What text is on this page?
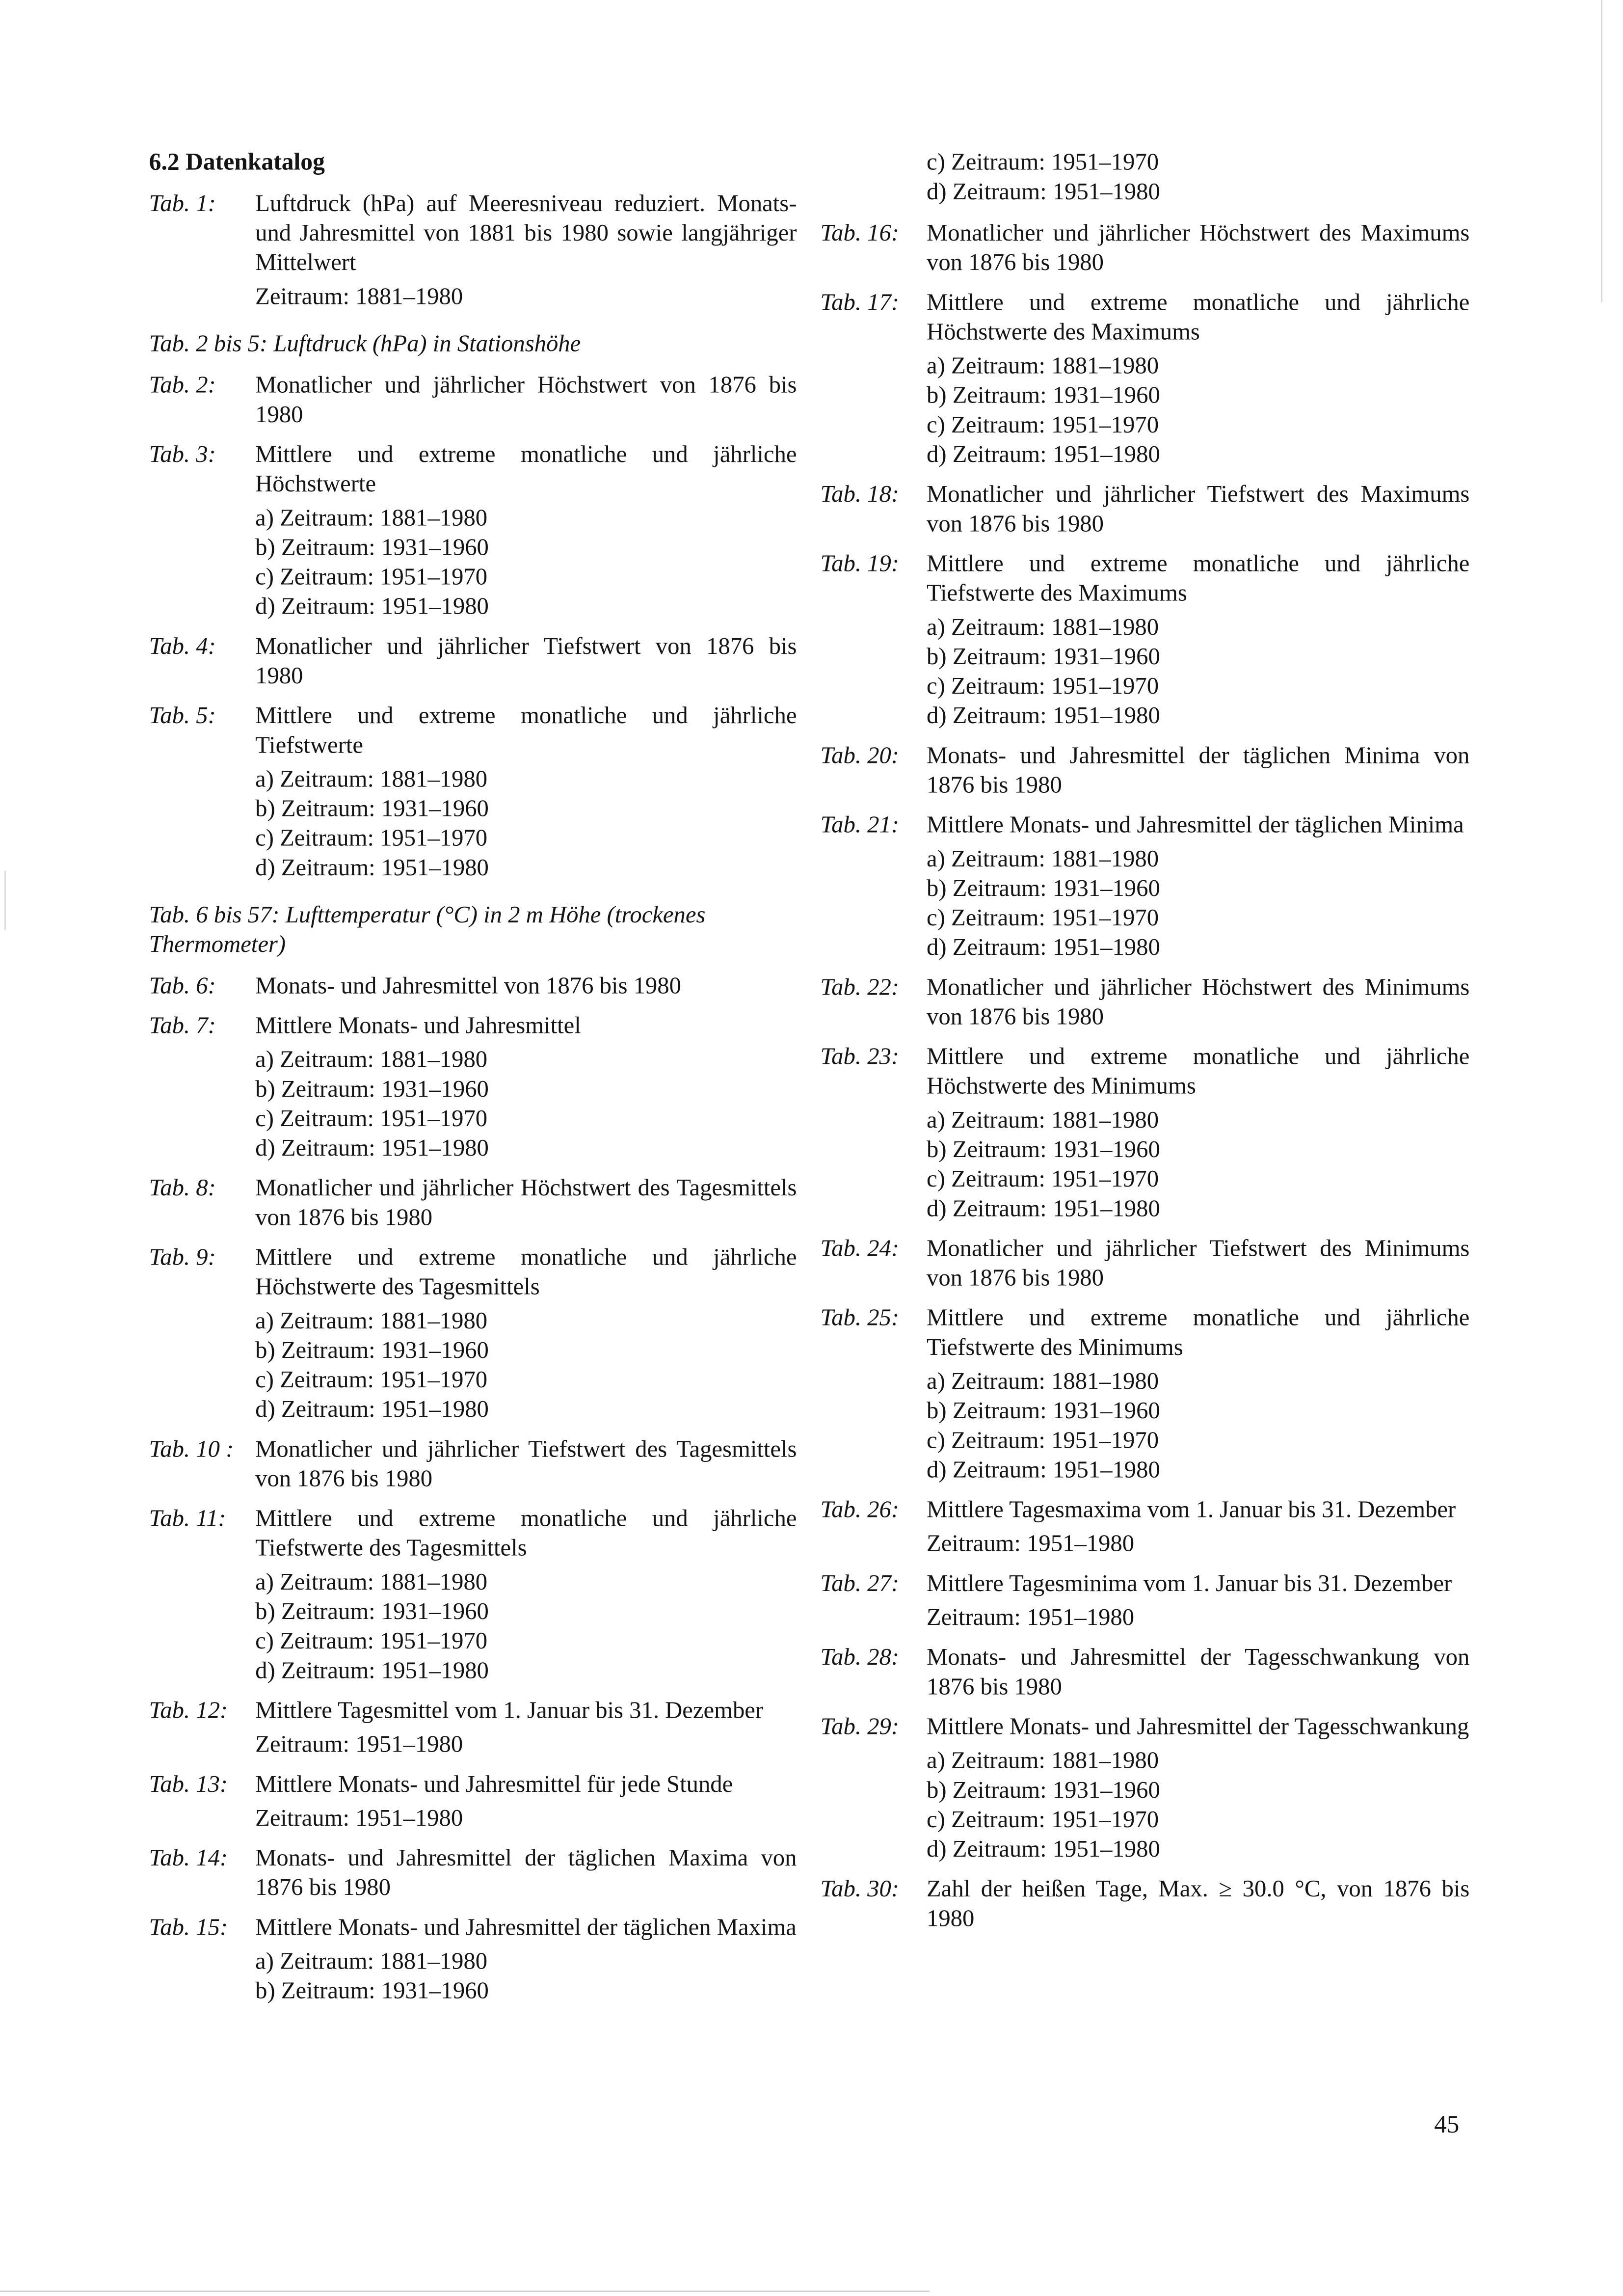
6.2 Datenkatalog
Tab. 1:	Luftdruck (hPa) auf Meeresniveau reduziert. Monats- und Jahresmittel von 1881 bis 1980 sowie langjähriger Mittelwert
Zeitraum: 1881–1980
Tab. 2 bis 5: Luftdruck (hPa) in Stationshöhe
Tab. 2:	Monatlicher und jährlicher Höchstwert von 1876 bis 1980
Tab. 3:	Mittlere und extreme monatliche und jährliche Höchstwerte
a) Zeitraum: 1881–1980
b) Zeitraum: 1931–1960
c) Zeitraum: 1951–1970
d) Zeitraum: 1951–1980
Tab. 4:	Monatlicher und jährlicher Tiefstwert von 1876 bis 1980
Tab. 5:	Mittlere und extreme monatliche und jährliche Tiefstwerte
a) Zeitraum: 1881–1980
b) Zeitraum: 1931–1960
c) Zeitraum: 1951–1970
d) Zeitraum: 1951–1980
Tab. 6 bis 57: Lufttemperatur (°C) in 2 m Höhe (trockenes Thermometer)
Tab. 6:	Monats- und Jahresmittel von 1876 bis 1980
Tab. 7:	Mittlere Monats- und Jahresmittel
a) Zeitraum: 1881–1980
b) Zeitraum: 1931–1960
c) Zeitraum: 1951–1970
d) Zeitraum: 1951–1980
Tab. 8:	Monatlicher und jährlicher Höchstwert des Tagesmittels von 1876 bis 1980
Tab. 9:	Mittlere und extreme monatliche und jährliche Höchstwerte des Tagesmittels
a) Zeitraum: 1881–1980
b) Zeitraum: 1931–1960
c) Zeitraum: 1951–1970
d) Zeitraum: 1951–1980
Tab. 10 :	Monatlicher und jährlicher Tiefstwert des Tagesmittels von 1876 bis 1980
Tab. 11:	Mittlere und extreme monatliche und jährliche Tiefstwerte des Tagesmittels
a) Zeitraum: 1881–1980
b) Zeitraum: 1931–1960
c) Zeitraum: 1951–1970
d) Zeitraum: 1951–1980
Tab. 12:	Mittlere Tagesmittel vom 1. Januar bis 31. Dezember
Zeitraum: 1951–1980
Tab. 13:	Mittlere Monats- und Jahresmittel für jede Stunde
Zeitraum: 1951–1980
Tab. 14:	Monats- und Jahresmittel der täglichen Maxima von 1876 bis 1980
Tab. 15:	Mittlere Monats- und Jahresmittel der täglichen Maxima
a) Zeitraum: 1881–1980
b) Zeitraum: 1931–1960
c) Zeitraum: 1951–1970
d) Zeitraum: 1951–1980
Tab. 16:	Monatlicher und jährlicher Höchstwert des Maximums von 1876 bis 1980
Tab. 17:	Mittlere und extreme monatliche und jährliche Höchstwerte des Maximums
a) Zeitraum: 1881–1980
b) Zeitraum: 1931–1960
c) Zeitraum: 1951–1970
d) Zeitraum: 1951–1980
Tab. 18:	Monatlicher und jährlicher Tiefstwert des Maximums von 1876 bis 1980
Tab. 19:	Mittlere und extreme monatliche und jährliche Tiefstwerte des Maximums
a) Zeitraum: 1881–1980
b) Zeitraum: 1931–1960
c) Zeitraum: 1951–1970
d) Zeitraum: 1951–1980
Tab. 20:	Monats- und Jahresmittel der täglichen Minima von 1876 bis 1980
Tab. 21:	Mittlere Monats- und Jahresmittel der täglichen Minima
a) Zeitraum: 1881–1980
b) Zeitraum: 1931–1960
c) Zeitraum: 1951–1970
d) Zeitraum: 1951–1980
Tab. 22:	Monatlicher und jährlicher Höchstwert des Minimums von 1876 bis 1980
Tab. 23:	Mittlere und extreme monatliche und jährliche Höchstwerte des Minimums
a) Zeitraum: 1881–1980
b) Zeitraum: 1931–1960
c) Zeitraum: 1951–1970
d) Zeitraum: 1951–1980
Tab. 24:	Monatlicher und jährlicher Tiefstwert des Minimums von 1876 bis 1980
Tab. 25:	Mittlere und extreme monatliche und jährliche Tiefstwerte des Minimums
a) Zeitraum: 1881–1980
b) Zeitraum: 1931–1960
c) Zeitraum: 1951–1970
d) Zeitraum: 1951–1980
Tab. 26:	Mittlere Tagesmaxima vom 1. Januar bis 31. Dezember
Zeitraum: 1951–1980
Tab. 27:	Mittlere Tagesminima vom 1. Januar bis 31. Dezember
Zeitraum: 1951–1980
Tab. 28:	Monats- und Jahresmittel der Tagesschwankung von 1876 bis 1980
Tab. 29:	Mittlere Monats- und Jahresmittel der Tagesschwankung
a) Zeitraum: 1881–1980
b) Zeitraum: 1931–1960
c) Zeitraum: 1951–1970
d) Zeitraum: 1951–1980
Tab. 30:	Zahl der heißen Tage, Max. ≥ 30.0 °C, von 1876 bis 1980
45
